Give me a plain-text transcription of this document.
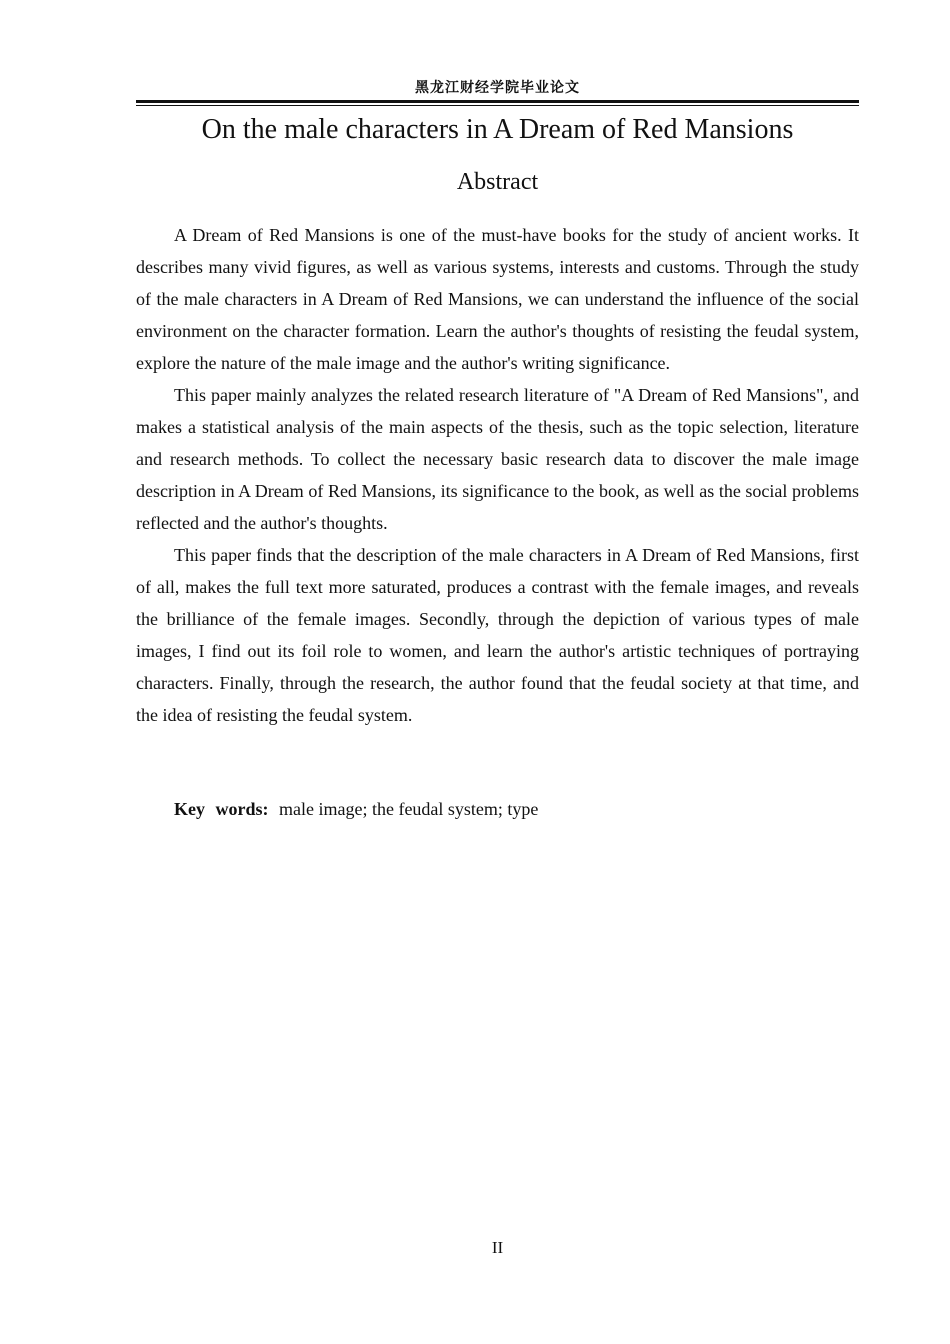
黑龙江财经学院毕业论文
On the male characters in A Dream of Red Mansions
Abstract

A Dream of Red Mansions is one of the must-have books for the study of ancient works. It describes many vivid figures, as well as various systems, interests and customs. Through the study of the male characters in A Dream of Red Mansions, we can understand the influence of the social environment on the character formation. Learn the author's thoughts of resisting the feudal system, explore the nature of the male image and the author's writing significance.

This paper mainly analyzes the related research literature of "A Dream of Red Mansions", and makes a statistical analysis of the main aspects of the thesis, such as the topic selection, literature and research methods. To collect the necessary basic research data to discover the male image description in A Dream of Red Mansions, its significance to the book, as well as the social problems reflected and the author's thoughts.

This paper finds that the description of the male characters in A Dream of Red Mansions, first of all, makes the full text more saturated, produces a contrast with the female images, and reveals the brilliance of the female images. Secondly, through the depiction of various types of male images, I find out its foil role to women, and learn the author's artistic techniques of portraying characters. Finally, through the research, the author found that the feudal society at that time, and the idea of resisting the feudal system.

Key words: male image; the feudal system; type
II
